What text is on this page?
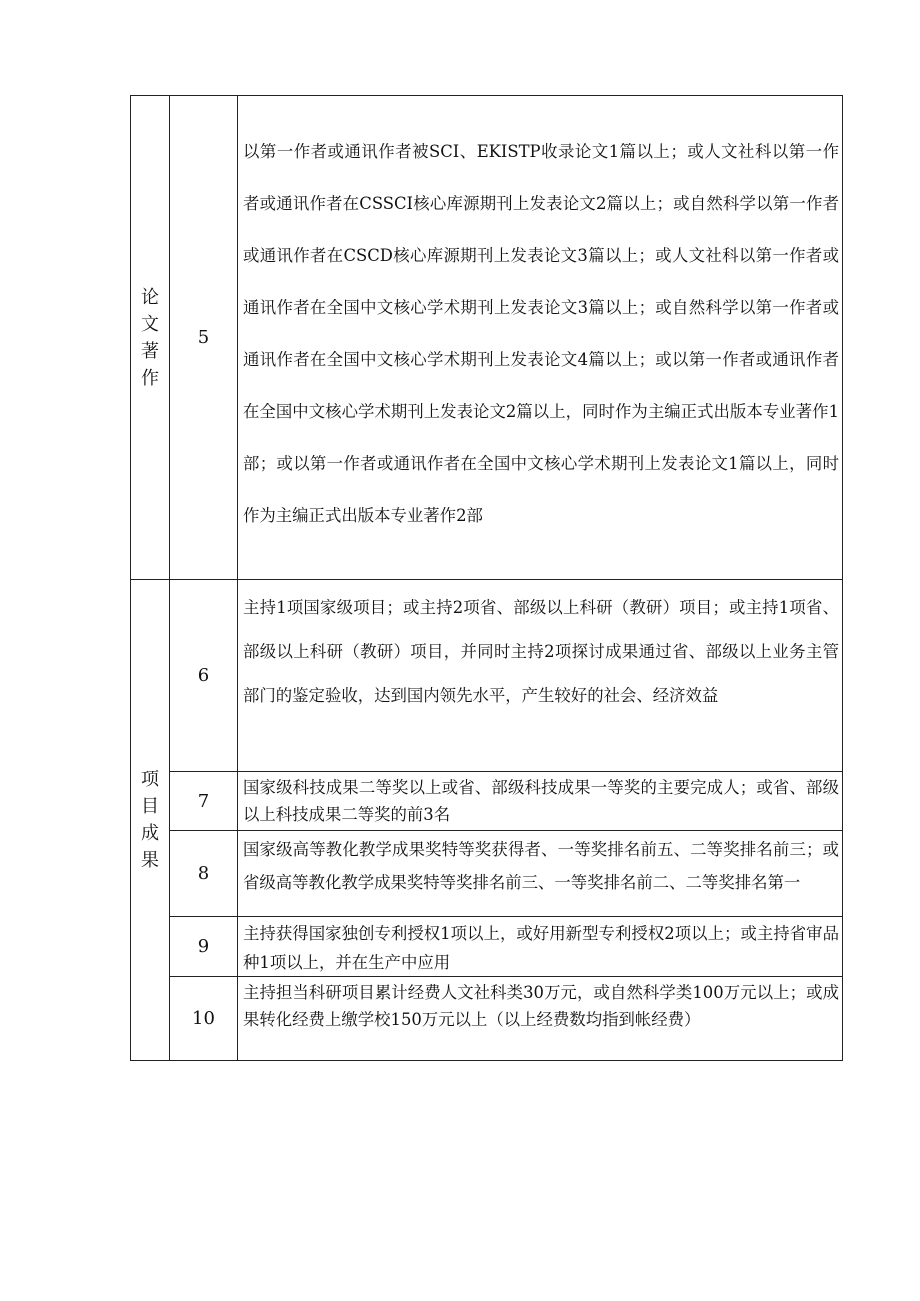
论文著作
5
以第一作者或通讯作者被SCI、EKISTP收录论文1篇以上；或人文社科以第一作者或通讯作者在CSSCI核心库源期刊上发表论文2篇以上；或自然科学以第一作者或通讯作者在CSCD核心库源期刊上发表论文3篇以上；或人文社科以第一作者或通讯作者在全国中文核心学术期刊上发表论文3篇以上；或自然科学以第一作者或通讯作者在全国中文核心学术期刊上发表论文4篇以上；或以第一作者或通讯作者在全国中文核心学术期刊上发表论文2篇以上，同时作为主编正式出版本专业著作1部；或以第一作者或通讯作者在全国中文核心学术期刊上发表论文1篇以上，同时作为主编正式出版本专业著作2部
项目成果
6
主持1项国家级项目；或主持2项省、部级以上科研（教研）项目；或主持1项省、部级以上科研（教研）项目，并同时主持2项探讨成果通过省、部级以上业务主管部门的鉴定验收，达到国内领先水平，产生较好的社会、经济效益
7
国家级科技成果二等奖以上或省、部级科技成果一等奖的主要完成人；或省、部级以上科技成果二等奖的前3名
8
国家级高等教化教学成果奖特等奖获得者、一等奖排名前五、二等奖排名前三；或省级高等教化教学成果奖特等奖排名前三、一等奖排名前二、二等奖排名第一
9
主持获得国家独创专利授权1项以上，或好用新型专利授权2项以上；或主持省审品种1项以上，并在生产中应用
10
主持担当科研项目累计经费人文社科类30万元，或自然科学类100万元以上；或成果转化经费上缴学校150万元以上（以上经费数均指到帐经费）
